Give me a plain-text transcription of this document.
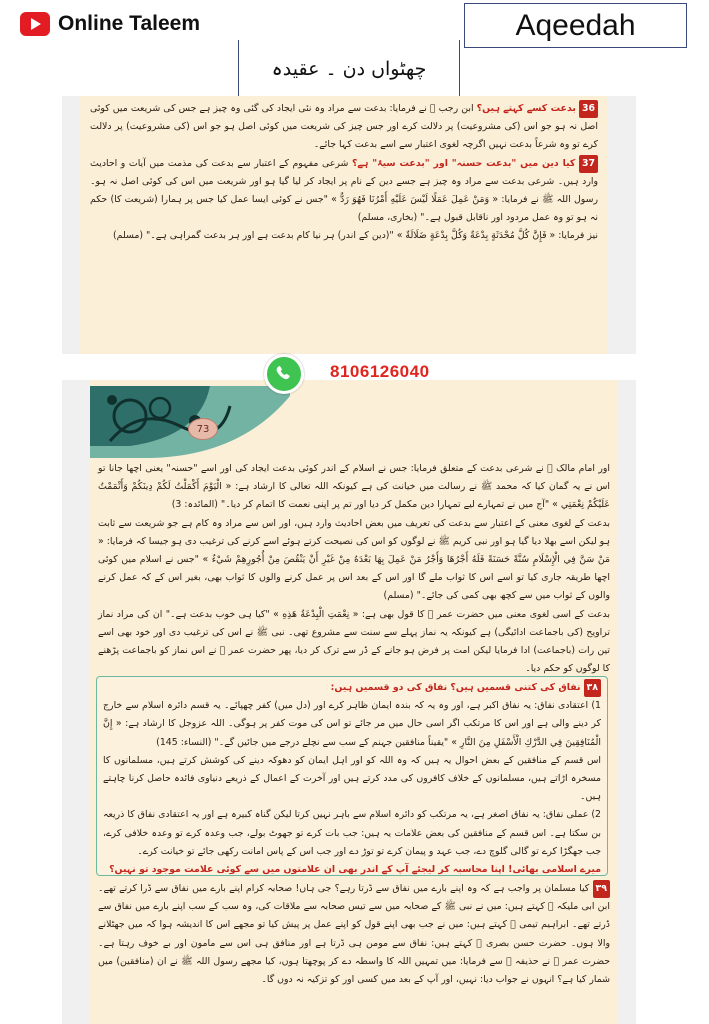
Online Taleem	Aqeedah
چھٹواں دن ۔ عقیدہ

36 بدعت کسے کہتے ہیں؟ ابن رجب ﷬ نے فرمایا: بدعت سے مراد وہ نئی ایجاد کی گئی وہ چیز ہے جس کی شریعت میں کوئی اصل نہ ہو جو اس (کی مشروعیت) پر دلالت کرے اور جس چیز کی شریعت میں کوئی اصل ہو جو اس (کی مشروعیت) پر دلالت کرے تو وہ شرعاً بدعت نہیں اگرچہ لغوی اعتبار سے اسے بدعت کہا جائے۔

37 کیا دین میں "بدعت حسنہ" اور "بدعت سیۂ" ہے؟ شرعی مفہوم کے اعتبار سے بدعت کی مذمت میں آیات و احادیث وارد ہیں۔ شرعی بدعت سے مراد وہ چیز ہے جسے دین کے نام پر ایجاد کر لیا گیا ہو اور شریعت میں اس کی کوئی اصل نہ ہو۔ رسول اللہ ﷺ نے فرمایا: « وَمَنْ عَمِلَ عَمَلًا لَيْسَ عَلَيْهِ أَمْرُنَا فَهُوَ رَدٌّ » "جس نے کوئی ایسا عمل کیا جس پر ہمارا (شریعت کا) حکم نہ ہو تو وہ عمل مردود اور ناقابل قبول ہے۔" (بخاری، مسلم)

نیز فرمایا: « فَإِنَّ كُلَّ مُحْدَثَةٍ بِدْعَةٌ وَكُلَّ بِدْعَةٍ ضَلَالَةٌ » "(دین کے اندر) ہر نیا کام بدعت ہے اور ہر بدعت گمراہی ہے۔" (مسلم)

اور امام مالک ﷬ نے شرعی بدعت کے متعلق فرمایا: جس نے اسلام کے اندر کوئی بدعت ایجاد کی اور اسے "حسنہ" یعنی اچھا جانا تو اس نے یہ گمان کیا کہ محمد ﷺ نے رسالت میں خیانت کی ہے کیونکہ اللہ تعالی کا ارشاد ہے: « الْيَوْمَ أَكْمَلْتُ لَكُمْ دِينَكُمْ وَأَتْمَمْتُ عَلَيْكُمْ نِعْمَتِي » "آج میں نے تمہارے لیے تمہارا دین مکمل کر دیا اور تم پر اپنی نعمت کا اتمام کر دیا۔" (المائدہ: 3)

بدعت کے لغوی معنی کے اعتبار سے بدعت کی تعریف میں بعض احادیث وارد ہیں، اور اس سے مراد وہ کام ہے جو شریعت سے ثابت ہو لیکن اسے بھلا دیا گیا ہو اور نبی کریم ﷺ نے لوگوں کو اس کی نصیحت کرتے ہوئے اسے کرنے کی ترغیب دی ہو جیسا کہ فرمایا: « مَنْ سَنَّ فِي الْإِسْلَامِ سُنَّةً حَسَنَةً فَلَهُ أَجْرُهَا وَأَجْرُ مَنْ عَمِلَ بِهَا بَعْدَهُ مِنْ غَيْرِ أَنْ يَنْقُصَ مِنْ أُجُورِهِمْ شَيْءٌ » "جس نے اسلام میں کوئی اچھا طریقہ جاری کیا تو اسے اس کا ثواب ملے گا اور اس کے بعد اس پر عمل کرنے والوں کا ثواب بھی، بغیر اس کے کہ عمل کرنے والوں کے ثواب میں سے کچھ بھی کمی کی جائے۔" (مسلم)

بدعت کے اسی لغوی معنی میں حضرت عمر ﷛ کا قول بھی ہے: « نِعْمَتِ الْبِدْعَةُ هَذِهِ » "کیا ہی خوب بدعت ہے۔" ان کی مراد نماز تراویح (کی باجماعت ادائیگی) ہے کیونکہ یہ نماز پہلے سے سنت سے مشروع تھی۔ نبی ﷺ نے اس کی ترغیب دی اور خود بھی اسے تین رات (باجماعت) ادا فرمایا لیکن امت پر فرض ہو جانے کے ڈر سے ترک کر دیا، پھر حضرت عمر ﷛ نے اس نماز کو باجماعت پڑھنے کا لوگوں کو حکم دیا۔

۳۸ نفاق کی کتنی قسمیں ہیں؟ نفاق کی دو قسمیں ہیں:

1) اعتقادی نفاق: یہ نفاق اکبر ہے، اور وہ یہ کہ بندہ ایمان ظاہر کرے اور (دل میں) کفر چھپائے۔ یہ قسم دائرہ اسلام سے خارج کر دینے والی ہے اور اس کا مرتکب اگر اسی حال میں مر جائے تو اس کی موت کفر پر ہوگی۔ اللہ عزوجل کا ارشاد ہے: « إِنَّ الْمُنَافِقِينَ فِي الدَّرْكِ الْأَسْفَلِ مِنَ النَّارِ » "یقیناً منافقین جہنم کے سب سے نچلے درجے میں جائیں گے۔" (النساء: 145)

اس قسم کے منافقین کے بعض احوال یہ ہیں کہ وہ اللہ کو اور اہل ایمان کو دھوکہ دینے کی کوشش کرتے ہیں، مسلمانوں کا مسخرہ اڑاتے ہیں، مسلمانوں کے خلاف کافروں کی مدد کرتے ہیں اور آخرت کے اعمال کے ذریعے دنیاوی فائدہ حاصل کرنا چاہتے ہیں۔

2) عملی نفاق: یہ نفاق اصغر ہے، یہ مرتکب کو دائرہ اسلام سے باہر نہیں کرتا لیکن گناہ کبیرہ ہے اور یہ اعتقادی نفاق کا ذریعہ بن سکتا ہے۔ اس قسم کے منافقین کی بعض علامات یہ ہیں: جب بات کرے تو جھوٹ بولے، جب وعدہ کرے تو وعدہ خلافی کرے، جب جھگڑا کرے تو گالی گلوچ دے، جب عہد و پیمان کرے تو توڑ دے اور جب اس کے پاس امانت رکھی جائے تو خیانت کرے۔

میرے اسلامی بھائی! اپنا محاسبہ کر لیجئے آپ کے اندر بھی ان علامتوں میں سے کوئی علامت موجود تو نہیں؟

۳۹ کیا مسلمان پر واجب ہے کہ وہ اپنے بارے میں نفاق سے ڈرتا رہے؟ جی ہاں! صحابہ کرام اپنے بارے میں نفاق سے ڈرا کرتے تھے۔ ابن ابی ملیکہ ﷬ کہتے ہیں: میں نے نبی ﷺ کے صحابہ میں سے تیس صحابہ سے ملاقات کی، وہ سب کے سب اپنے بارے میں نفاق سے ڈرتے تھے۔ ابراہیم تیمی ﷬ کہتے ہیں: میں نے جب بھی اپنے قول کو اپنے عمل پر پیش کیا تو مجھے اس کا اندیشہ ہوا کہ میں جھٹلانے والا ہوں۔ حضرت حسن بصری ﷬ کہتے ہیں: نفاق سے مومن ہی ڈرتا ہے اور منافق ہی اس سے مامون اور بے خوف رہتا ہے۔ حضرت عمر ﷛ نے حذیفہ ﷛ سے فرمایا: میں تمہیں اللہ کا واسطہ دے کر پوچھتا ہوں، کیا مجھے رسول اللہ ﷺ نے ان (منافقین) میں شمار کیا ہے؟ انہوں نے جواب دیا: نہیں، اور آپ کے بعد میں کسی اور کو تزکیہ نہ دوں گا۔

73
8106126040
